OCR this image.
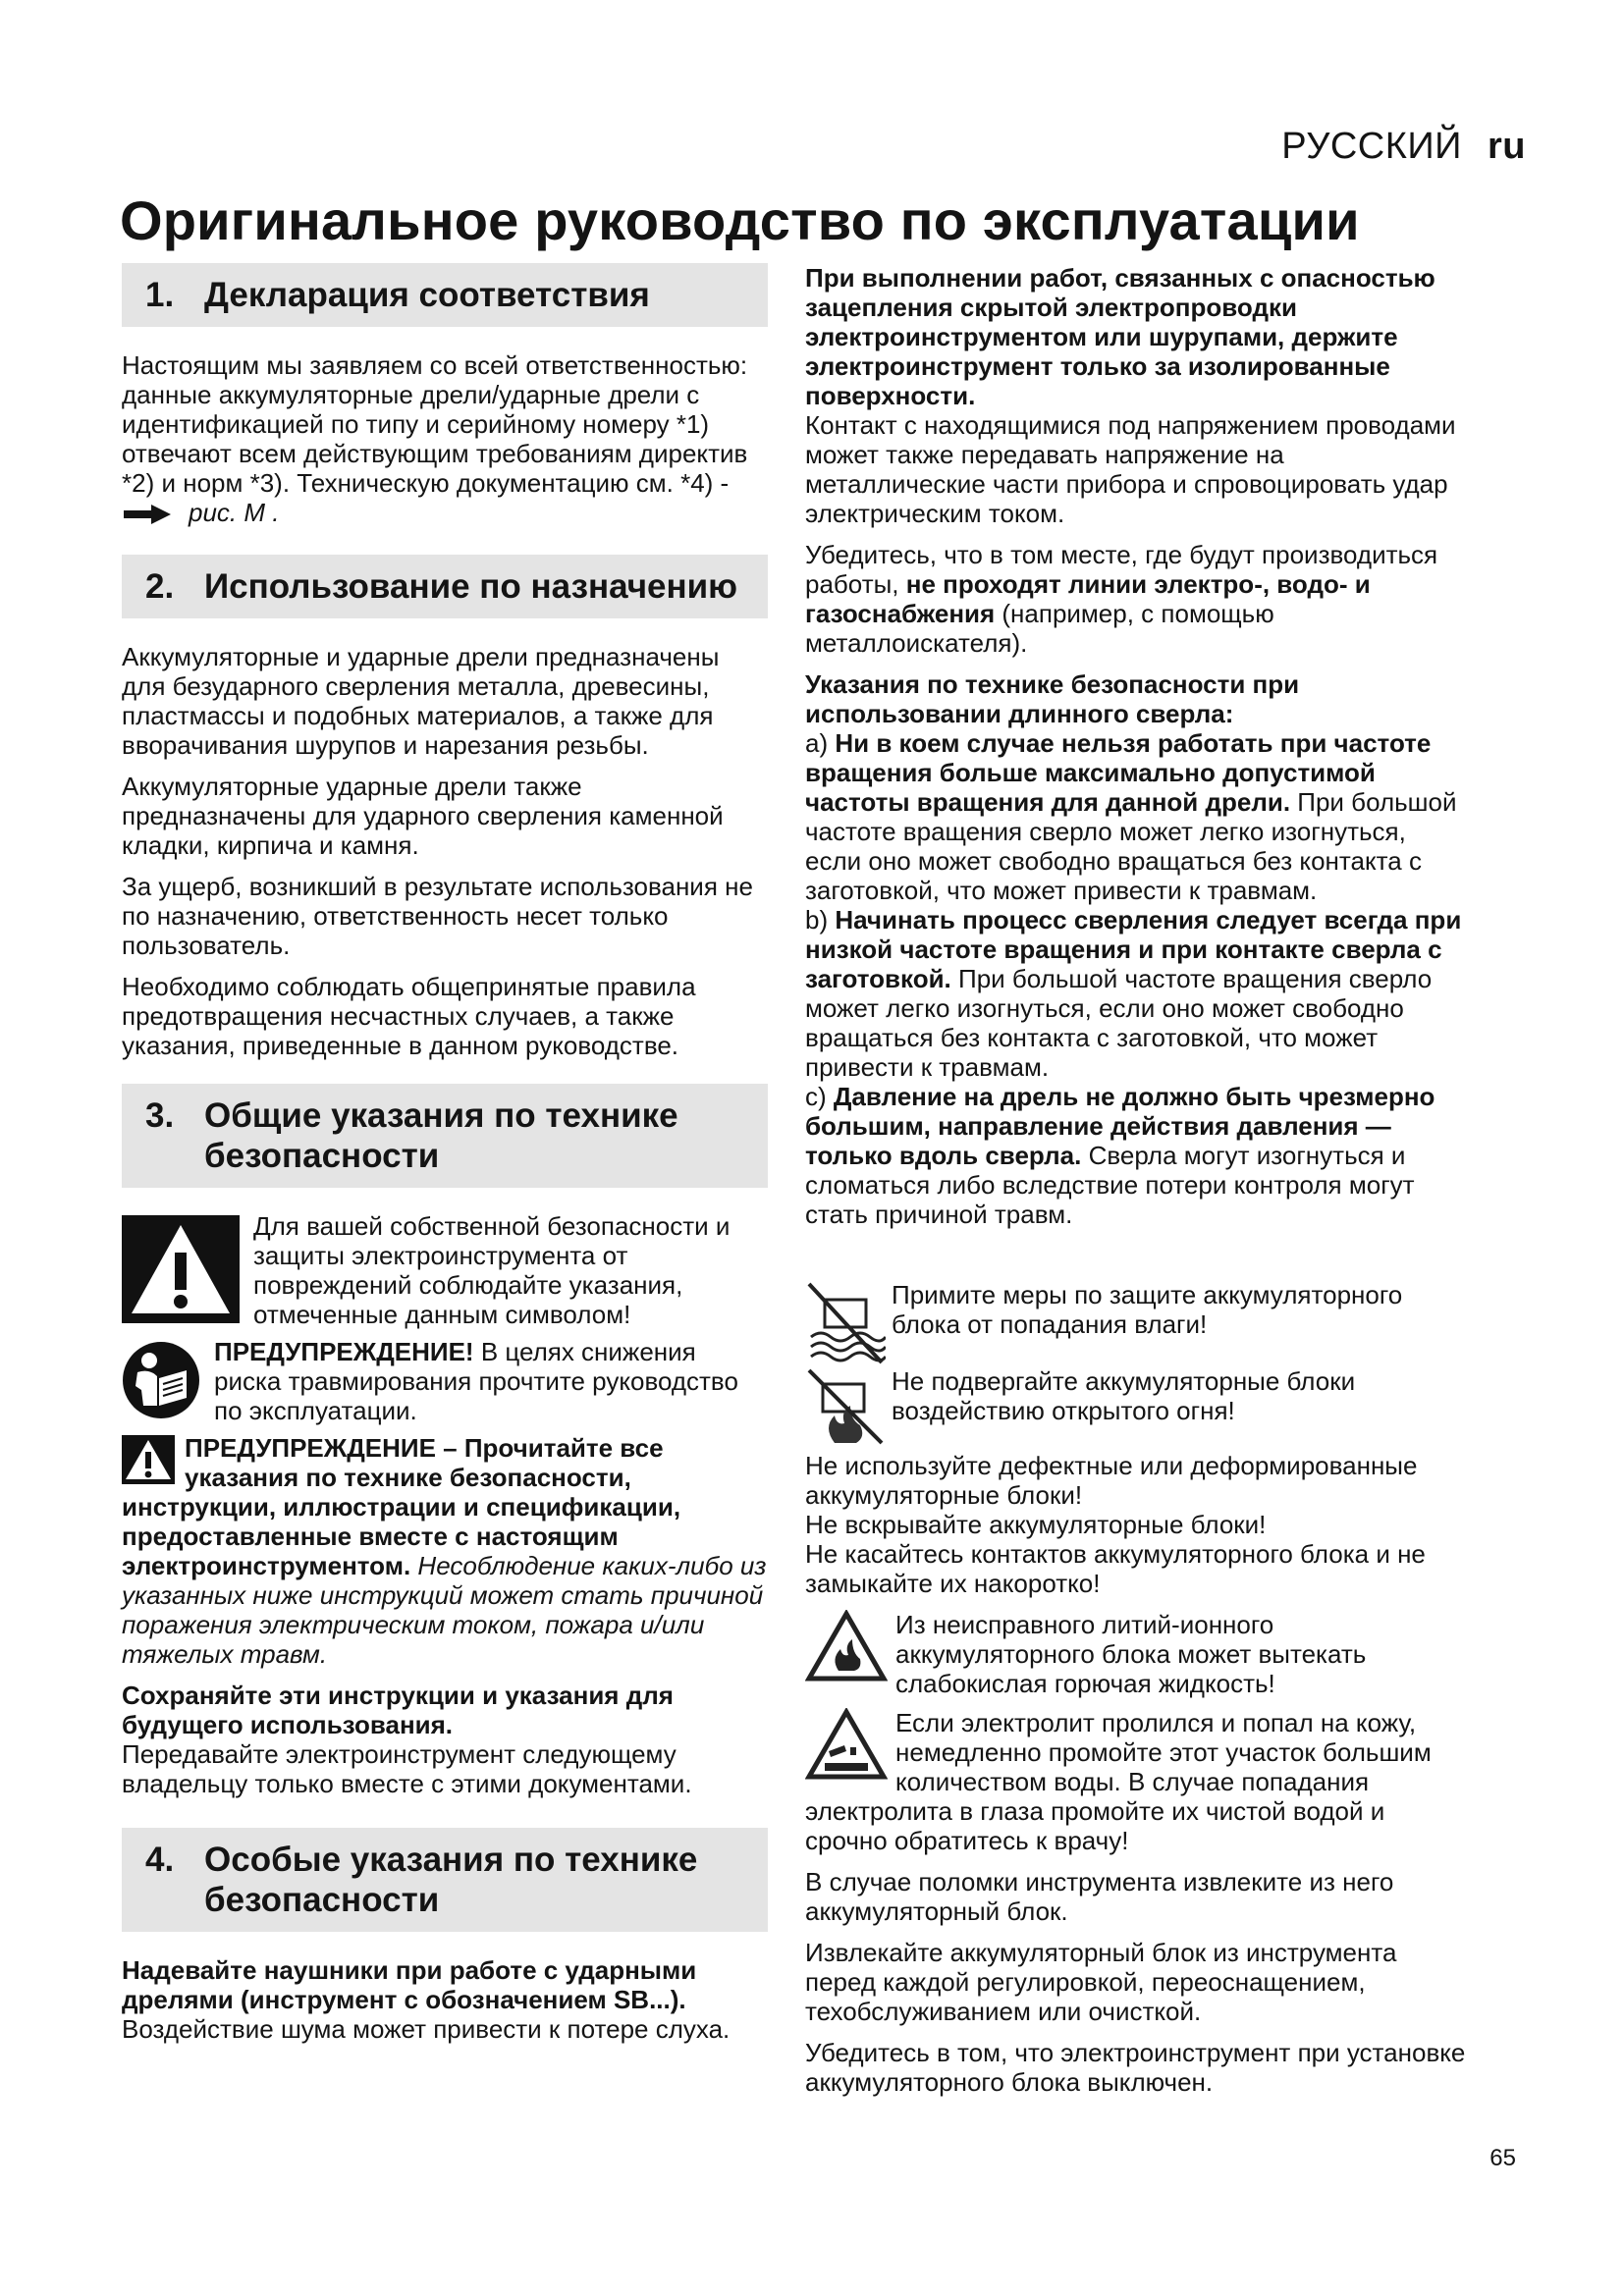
РУССКИЙ ru
Оригинальное руководство по эксплуатации
1. Декларация соответствия

Настоящим мы заявляем со всей ответственностью: данные аккумуляторные дрели/ударные дрели с идентификацией по типу и серийному номеру *1) отвечают всем действующим требованиям директив *2) и норм *3). Техническую документацию см. *4) -
рис. M .

2. Использование по назначению

Аккумуляторные и ударные дрели предназначены для безударного сверления металла, древесины, пластмассы и подобных материалов, а также для вворачивания шурупов и нарезания резьбы.

Аккумуляторные ударные дрели также предназначены для ударного сверления каменной кладки, кирпича и камня.

За ущерб, возникший в результате использования не по назначению, ответственность несет только пользователь.

Необходимо соблюдать общепринятые правила предотвращения несчастных случаев, а также указания, приведенные в данном руководстве.

3. Общие указания по технике безопасности
Для вашей собственной безопасности и защиты электроинструмента от повреждений соблюдайте указания, отмеченные данным символом!
ПРЕДУПРЕЖДЕНИЕ! В целях снижения риска травмирования прочтите руководство по эксплуатации.

ПРЕДУПРЕЖДЕНИЕ – Прочитайте все указания по технике безопасности, инструкции, иллюстрации и спецификации, предоставленные вместе с настоящим электроинструментом. Несоблюдение каких-либо из указанных ниже инструкций может стать причиной поражения электрическим током, пожара и/или тяжелых травм.

Сохраняйте эти инструкции и указания для будущего использования.
Передавайте электроинструмент следующему владельцу только вместе с этими документами.

4. Особые указания по технике безопасности

Надевайте наушники при работе с ударными дрелями (инструмент с обозначением SB...). Воздействие шума может привести к потере слуха.

При выполнении работ, связанных с опасностью зацепления скрытой электропроводки электроинструментом или шурупами, держите электроинструмент только за изолированные поверхности.
Контакт с находящимися под напряжением проводами может также передавать напряжение на металлические части прибора и спровоцировать удар электрическим током.

Убедитесь, что в том месте, где будут производиться работы, не проходят линии электро-, водо- и газоснабжения (например, с помощью металлоискателя).

Указания по технике безопасности при использовании длинного сверла:

a) Ни в коем случае нельзя работать при частоте вращения больше максимально допустимой частоты вращения для данной дрели. При большой частоте вращения сверло может легко изогнуться, если оно может свободно вращаться без контакта с заготовкой, что может привести к травмам.

b) Начинать процесс сверления следует всегда при низкой частоте вращения и при контакте сверла с заготовкой. При большой частоте вращения сверло может легко изогнуться, если оно может свободно вращаться без контакта с заготовкой, что может привести к травмам.

c) Давление на дрель не должно быть чрезмерно большим, направление действия давления — только вдоль сверла. Сверла могут изогнуться и сломаться либо вследствие потери контроля могут стать причиной травм.

Примите меры по защите аккумуляторного блока от попадания влаги!
Не подвергайте аккумуляторные блоки воздействию открытого огня!

Не используйте дефектные или деформированные аккумуляторные блоки!

Не вскрывайте аккумуляторные блоки!

Не касайтесь контактов аккумуляторного блока и не замыкайте их накоротко!

Из неисправного литий-ионного аккумуляторного блока может вытекать слабокислая горючая жидкость!

Если электролит пролился и попал на кожу, немедленно промойте этот участок большим количеством воды. В случае попадания электролита в глаза промойте их чистой водой и срочно обратитесь к врачу!

В случае поломки инструмента извлеките из него аккумуляторный блок.

Извлекайте аккумуляторный блок из инструмента перед каждой регулировкой, переоснащением, техобслуживанием или очисткой.

Убедитесь в том, что электроинструмент при установке аккумуляторного блока выключен.

65
